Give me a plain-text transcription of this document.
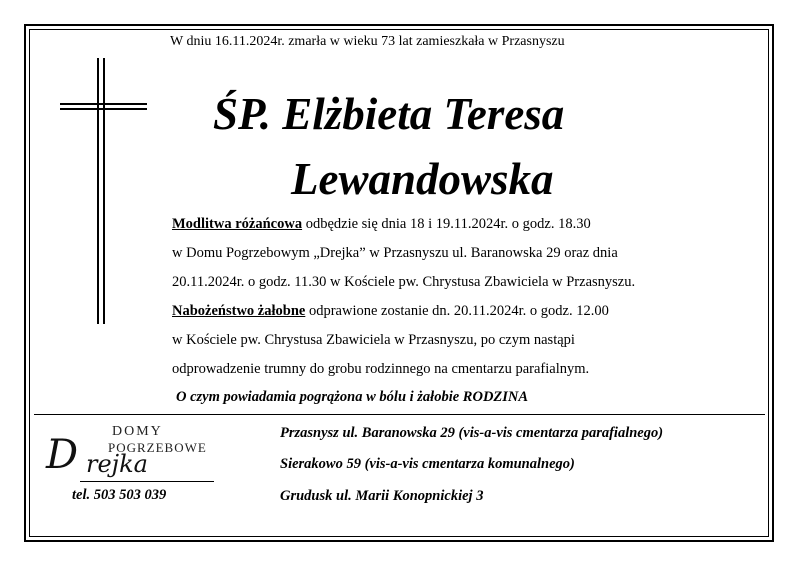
W dniu 16.11.2024r. zmarła w wieku 73 lat zamieszkała w Przasnyszu
ŚP. Elżbieta Teresa
Lewandowska
Modlitwa różańcowa odbędzie się dnia 18 i 19.11.2024r. o godz. 18.30
w Domu Pogrzebowym „Drejka” w Przasnyszu ul. Baranowska 29 oraz dnia
20.11.2024r. o godz. 11.30 w Kościele pw. Chrystusa Zbawiciela w Przasnyszu.
Nabożeństwo żałobne odprawione zostanie dn. 20.11.2024r. o godz. 12.00
w Kościele pw. Chrystusa Zbawiciela w Przasnyszu, po czym nastąpi
odprowadzenie trumny do grobu rodzinnego na cmentarzu parafialnym.
O czym powiadamia pogrążona w bólu i żałobie RODZINA
DOMY
POGRZEBOWE
D rejka
tel. 503 503 039
Przasnysz ul. Baranowska 29 (vis-a-vis cmentarza parafialnego)
Sierakowo 59 (vis-a-vis cmentarza komunalnego)
Grudusk ul. Marii Konopnickiej 3
